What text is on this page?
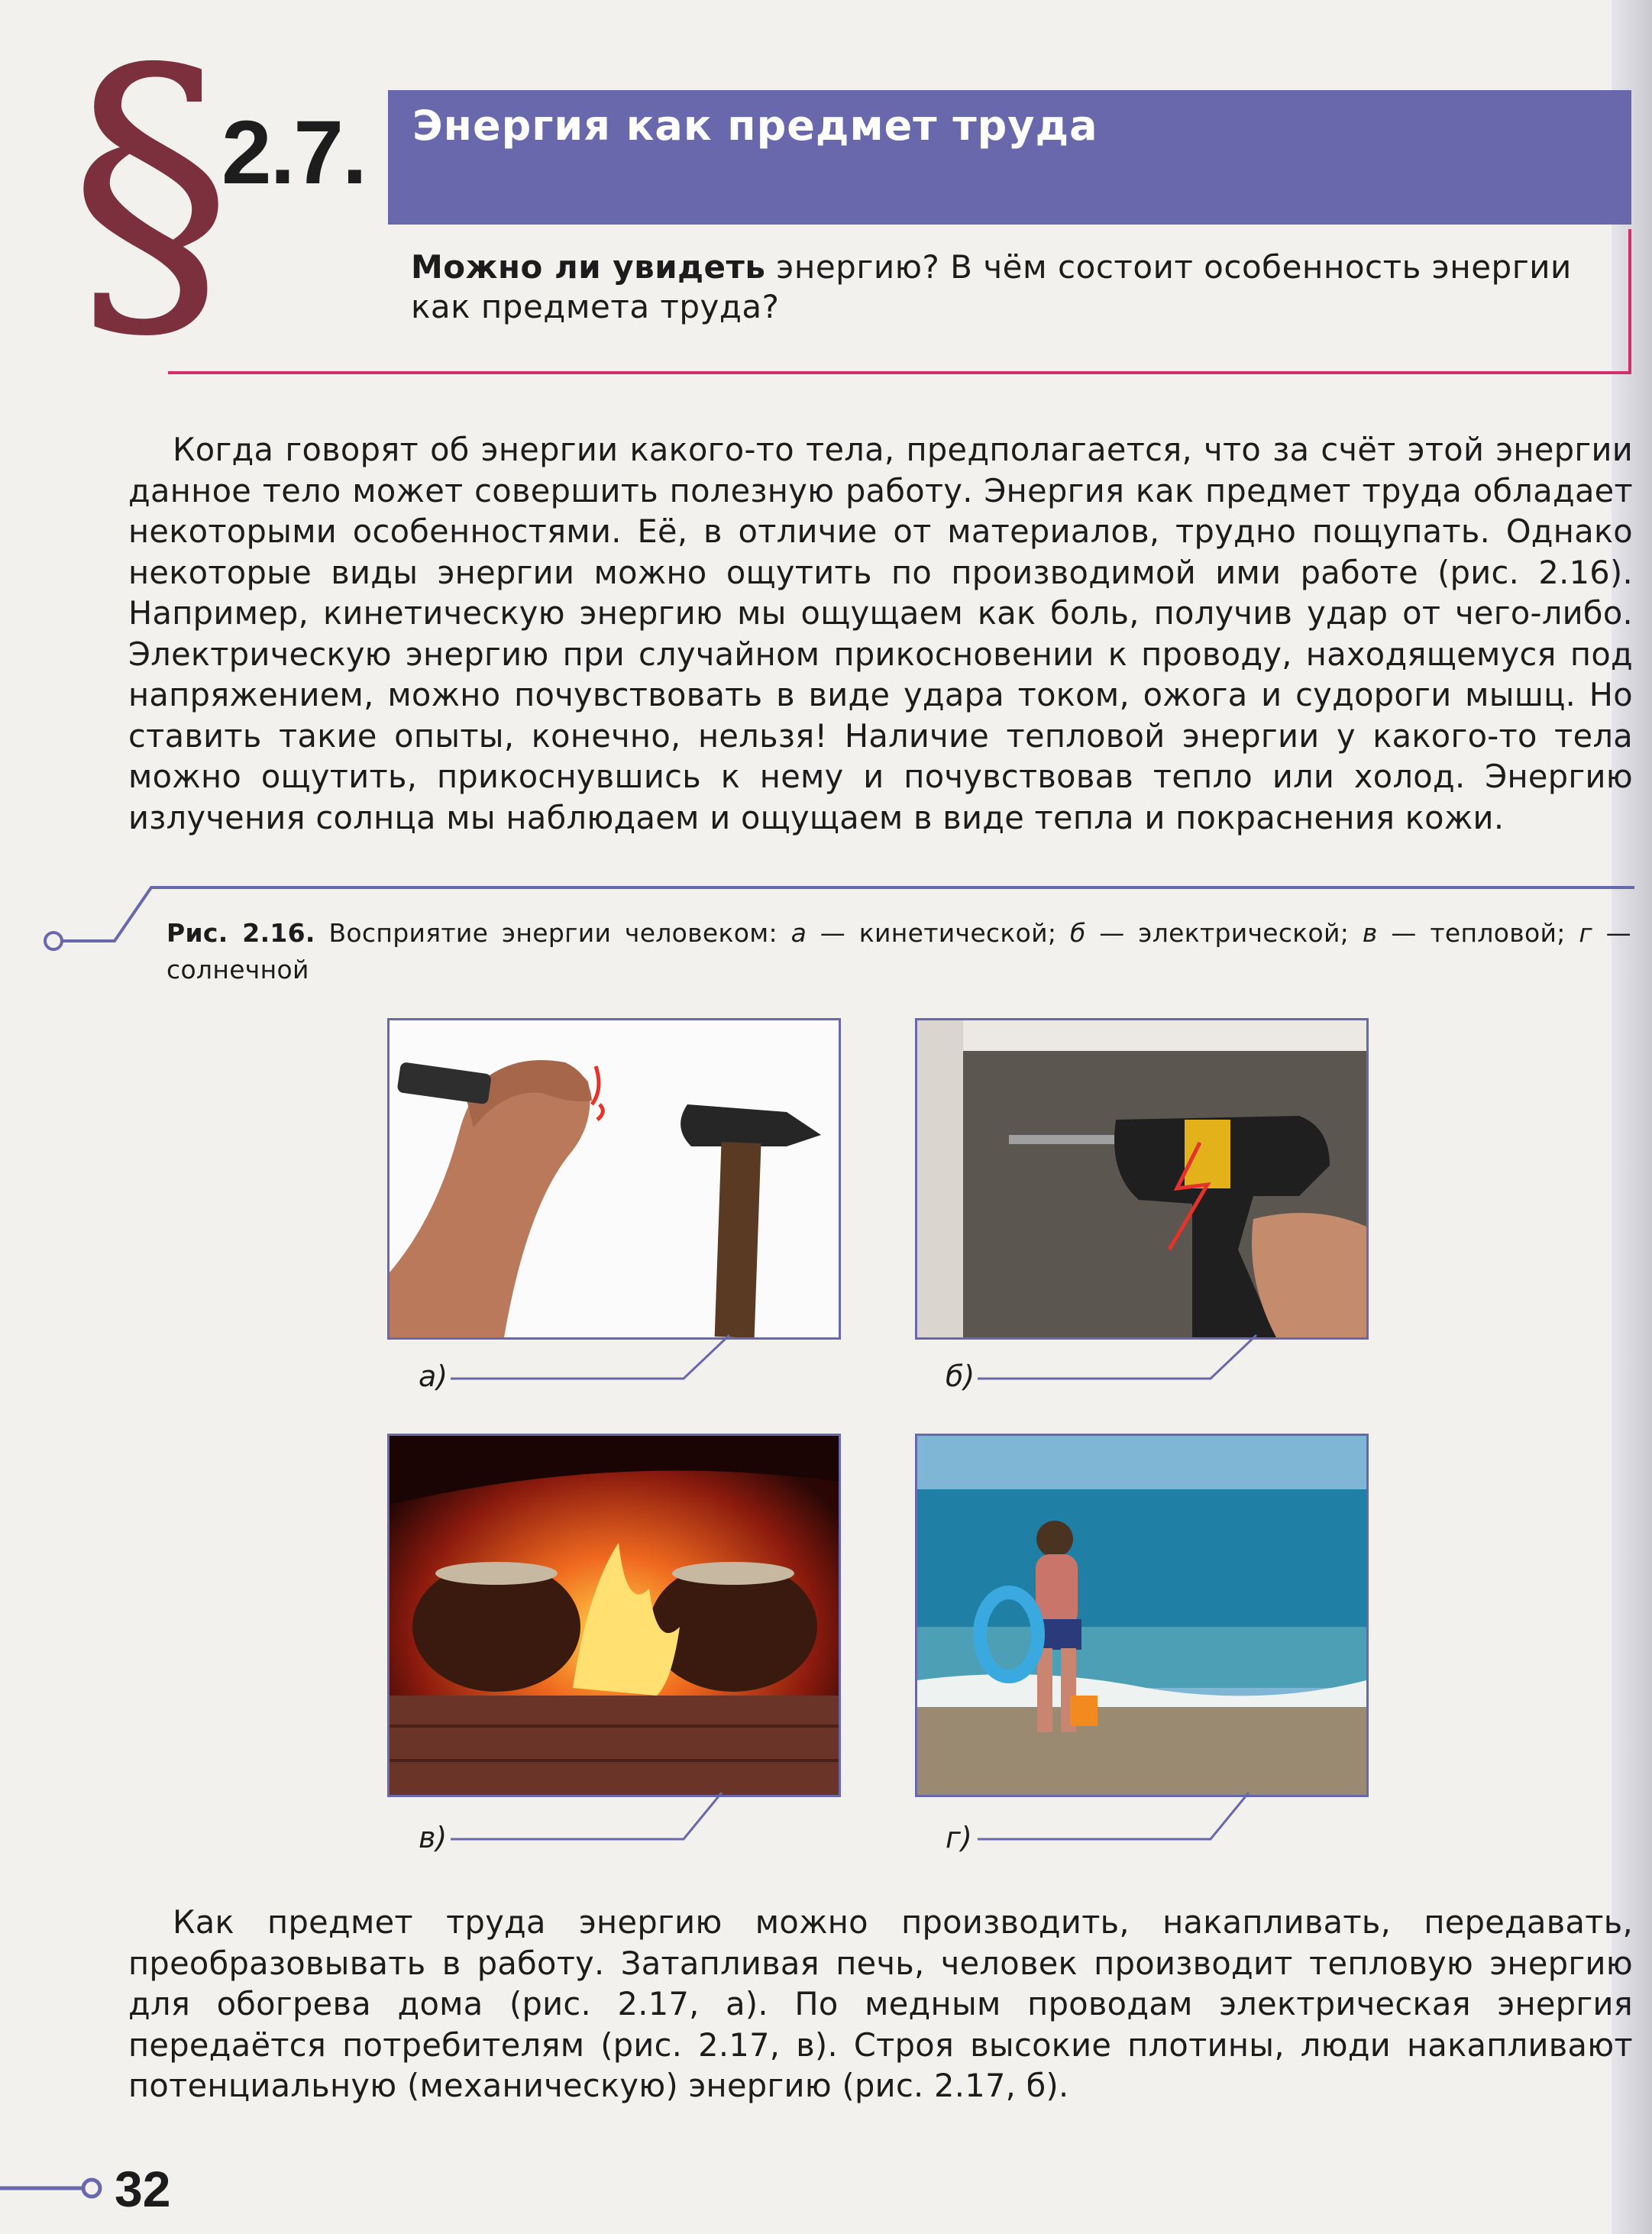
§
2.7. Энергия как предмет труда
Можно ли увидеть энергию? В чём состоит особенность энергии как предмета труда?
Когда говорят об энергии какого-то тела, предполагается, что за счёт этой энергии данное тело может совершить полезную работу. Энергия как предмет труда обладает некоторыми особенностями. Её, в отличие от материалов, трудно пощупать. Однако некоторые виды энергии можно ощутить по производимой ими работе (рис. 2.16). Например, кинетическую энергию мы ощущаем как боль, получив удар от чего-либо. Электрическую энергию при случайном прикосновении к проводу, находящемуся под напряжением, можно почувствовать в виде удара током, ожога и судороги мышц. Но ставить такие опыты, конечно, нельзя! Наличие тепловой энергии у какого-то тела можно ощутить, прикоснувшись к нему и почувствовав тепло или холод. Энергию излучения солнца мы наблюдаем и ощущаем в виде тепла и покраснения кожи.
Рис. 2.16. Восприятие энергии человеком: а — кинетической; б — электрической; в — тепловой; г — солнечной
а)	б)
в)	г)
Как предмет труда энергию можно производить, накапливать, передавать, преобразовывать в работу. Затапливая печь, человек производит тепловую энергию для обогрева дома (рис. 2.17, а). По медным проводам электрическая энергия передаётся потребителям (рис. 2.17, в). Строя высокие плотины, люди накапливают потенциальную (механическую) энергию (рис. 2.17, б).
32
